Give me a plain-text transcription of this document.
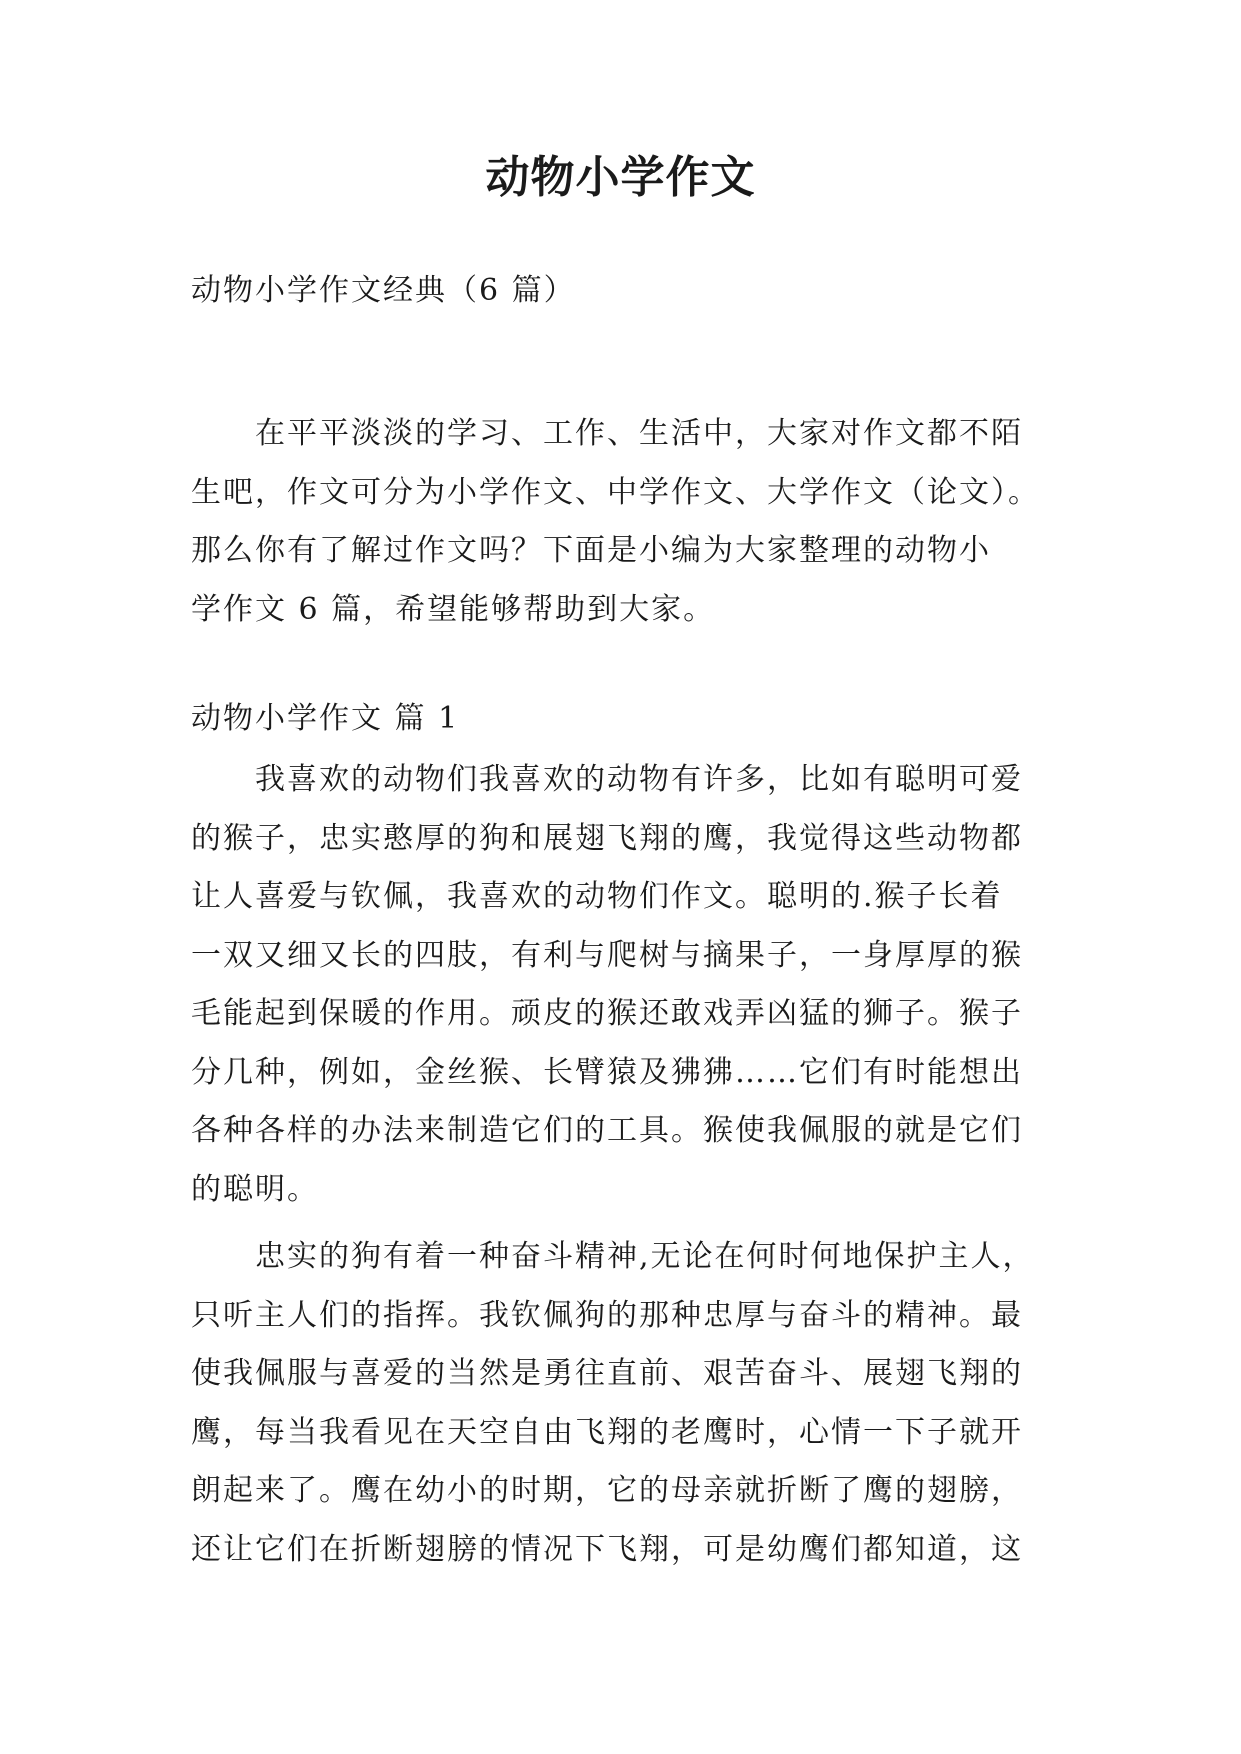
动物小学作文
动物小学作文经典（6 篇）
　　在平平淡淡的学习、工作、生活中，大家对作文都不陌
生吧，作文可分为小学作文、中学作文、大学作文（论文）。
那么你有了解过作文吗？下面是小编为大家整理的动物小
学作文 6 篇，希望能够帮助到大家。
动物小学作文 篇 1
　　我喜欢的动物们我喜欢的动物有许多，比如有聪明可爱
的猴子，忠实憨厚的狗和展翅飞翔的鹰，我觉得这些动物都
让人喜爱与钦佩，我喜欢的动物们作文。聪明的.猴子长着
一双又细又长的四肢，有利与爬树与摘果子，一身厚厚的猴
毛能起到保暖的作用。顽皮的猴还敢戏弄凶猛的狮子。猴子
分几种，例如，金丝猴、长臂猿及狒狒……它们有时能想出
各种各样的办法来制造它们的工具。猴使我佩服的就是它们
的聪明。
　　忠实的狗有着一种奋斗精神,无论在何时何地保护主人，
只听主人们的指挥。我钦佩狗的那种忠厚与奋斗的精神。最
使我佩服与喜爱的当然是勇往直前、艰苦奋斗、展翅飞翔的
鹰，每当我看见在天空自由飞翔的老鹰时，心情一下子就开
朗起来了。鹰在幼小的时期，它的母亲就折断了鹰的翅膀，
还让它们在折断翅膀的情况下飞翔，可是幼鹰们都知道，这
